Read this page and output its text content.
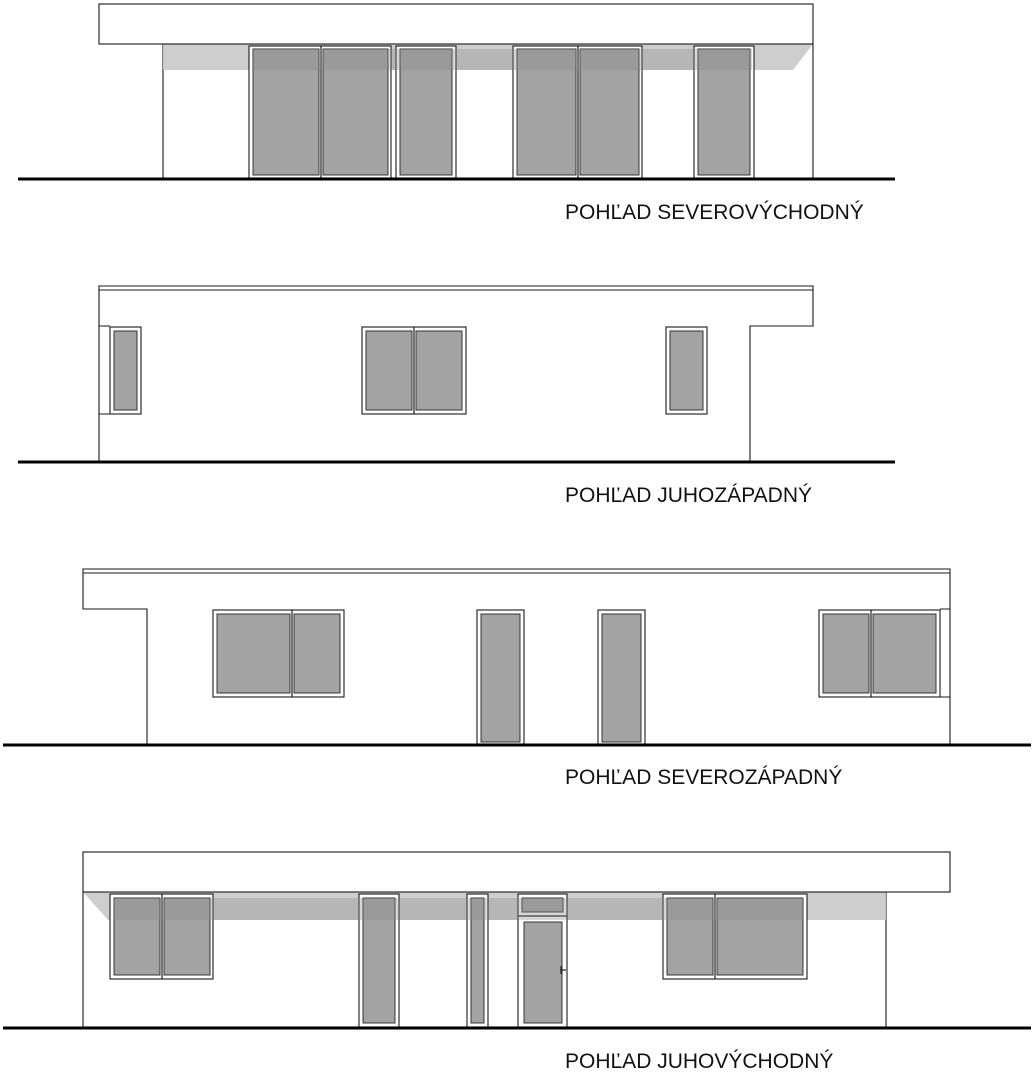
POHĽAD SEVEROVÝCHODNÝ
POHĽAD JUHOZÁPADNÝ
POHĽAD SEVEROZÁPADNÝ
POHĽAD JUHOVÝCHODNÝ
